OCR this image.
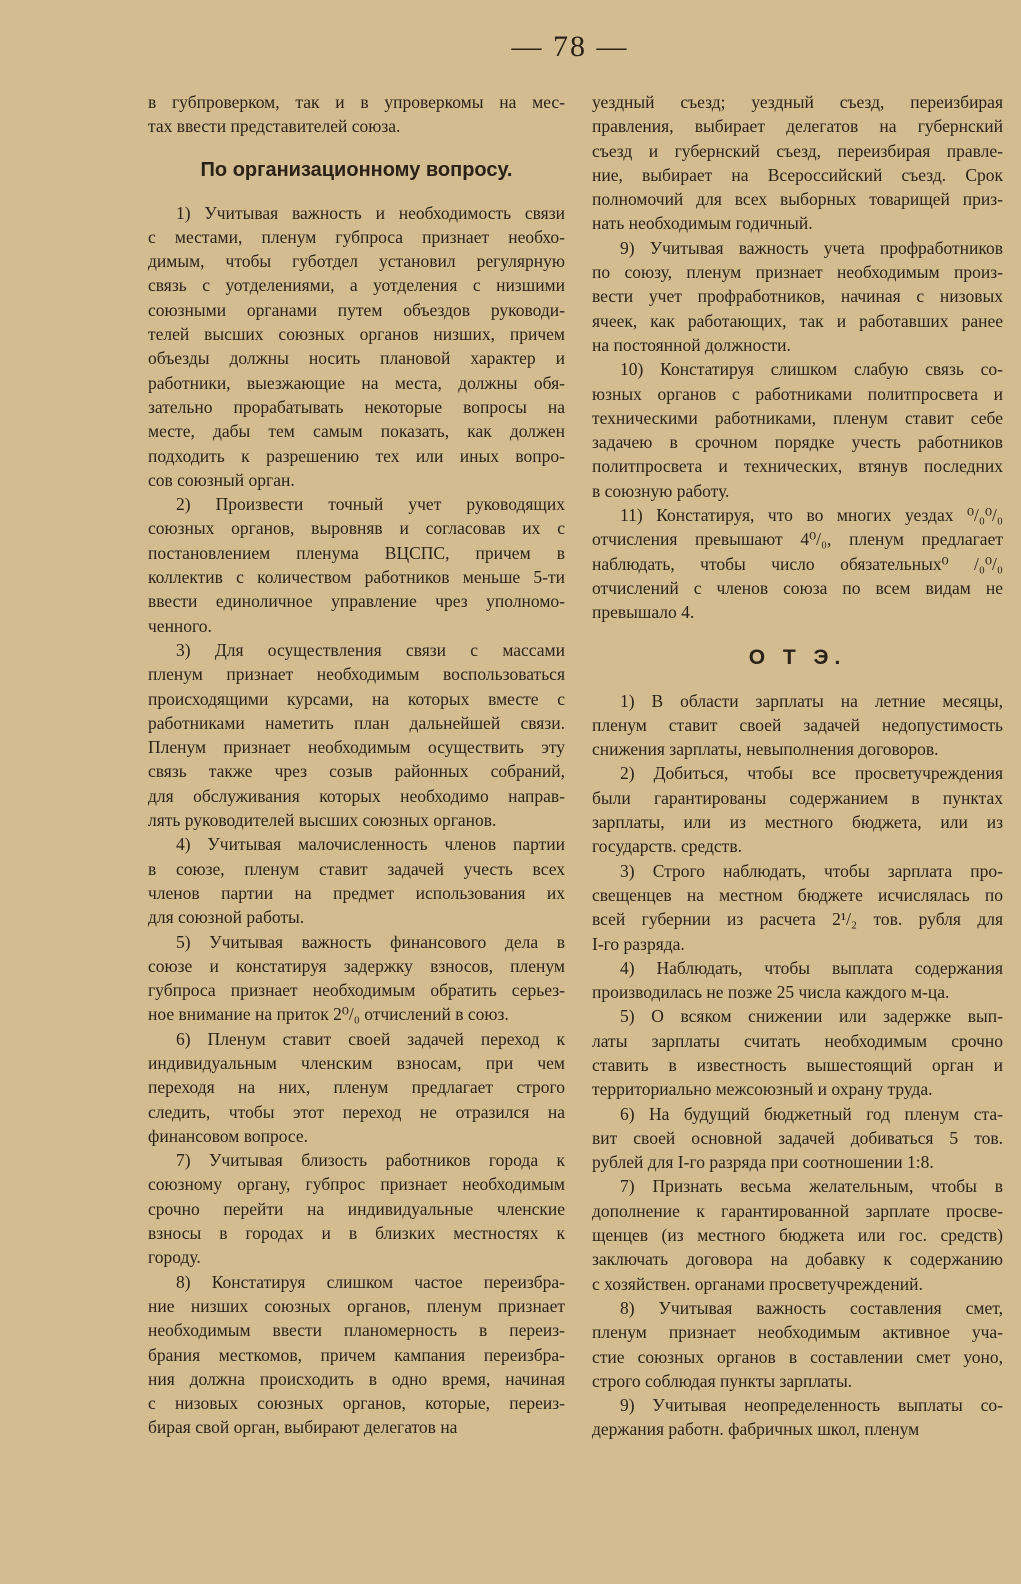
— 78 —
в губпроверком, так и в упроверкомы на мес-
тах ввести представителей союза.
По организационному вопросу.
1) Учитывая важность и необходимость связи
с местами, пленум губпроса признает необхо-
димым, чтобы губотдел установил регулярную
связь с уотделениями, а уотделения с низшими
союзными органами путем объездов руководи-
телей высших союзных органов низших, причем
объезды должны носить плановой характер и
работники, выезжающие на места, должны обя-
зательно прорабатывать некоторые вопросы на
месте, дабы тем самым показать, как должен
подходить к разрешению тех или иных вопро-
сов союзный орган.
2) Произвести точный учет руководящих
союзных органов, выровняв и согласовав их с
постановлением пленума ВЦСПС, причем в
коллектив с количеством работников меньше 5-ти
ввести единоличное управление чрез уполномо-
ченного.
3) Для осуществления связи с массами
пленум признает необходимым воспользоваться
происходящими курсами, на которых вместе с
работниками наметить план дальнейшей связи.
Пленум признает необходимым осуществить эту
связь также чрез созыв районных собраний,
для обслуживания которых необходимо направ-
лять руководителей высших союзных органов.
4) Учитывая малочисленность членов партии
в союзе, пленум ставит задачей учесть всех
членов партии на предмет использования их
для союзной работы.
5) Учитывая важность финансового дела в
союзе и констатируя задержку взносов, пленум
губпроса признает необходимым обратить серьез-
ное внимание на приток 2⁰/₀ отчислений в союз.
6) Пленум ставит своей задачей переход к
индивидуальным членским взносам, при чем
переходя на них, пленум предлагает строго
следить, чтобы этот переход не отразился на
финансовом вопросе.
7) Учитывая близость работников города к
союзному органу, губпрос признает необходимым
срочно перейти на индивидуальные членские
взносы в городах и в близких местностях к
городу.
8) Констатируя слишком частое переизбра-
ние низших союзных органов, пленум признает
необходимым ввести планомерность в переиз-
брания месткомов, причем кампания переизбра-
ния должна происходить в одно время, начиная
с низовых союзных органов, которые, переиз-
бирая свой орган, выбирают делегатов на
уездный съезд; уездный съезд, переизбирая
правления, выбирает делегатов на губернский
съезд и губернский съезд, переизбирая правле-
ние, выбирает на Всероссийский съезд. Срок
полномочий для всех выборных товарищей приз-
нать необходимым годичный.
9) Учитывая важность учета профработников
по союзу, пленум признает необходимым произ-
вести учет профработников, начиная с низовых
ячеек, как работающих, так и работавших ранее
на постоянной должности.
10) Констатируя слишком слабую связь со-
юзных органов с работниками политпросвета и
техническими работниками, пленум ставит себе
задачею в срочном порядке учесть работников
политпросвета и технических, втянув последних
в союзную работу.
11) Констатируя, что во многих уездах ⁰/₀⁰/₀
отчисления превышают 4⁰/₀, пленум предлагает
наблюдать, чтобы число обязательных⁰ /₀⁰/₀
отчислений с членов союза по всем видам не
превышало 4.
О Т Э.
1) В области зарплаты на летние месяцы,
пленум ставит своей задачей недопустимость
снижения зарплаты, невыполнения договоров.
2) Добиться, чтобы все просветучреждения
были гарантированы содержанием в пунктах
зарплаты, или из местного бюджета, или из
государств. средств.
3) Строго наблюдать, чтобы зарплата про-
свещенцев на местном бюджете исчислялась по
всей губернии из расчета 2¹/₂ тов. рубля для
I-го разряда.
4) Наблюдать, чтобы выплата содержания
производилась не позже 25 числа каждого м-ца.
5) О всяком снижении или задержке вып-
латы зарплаты считать необходимым срочно
ставить в известность вышестоящий орган и
территориально межсоюзный и охрану труда.
6) На будущий бюджетный год пленум ста-
вит своей основной задачей добиваться 5 тов.
рублей для I-го разряда при соотношении 1:8.
7) Признать весьма желательным, чтобы в
дополнение к гарантированной зарплате просве-
щенцев (из местного бюджета или гос. средств)
заключать договора на добавку к содержанию
с хозяйствен. органами просветучреждений.
8) Учитывая важность составления смет,
пленум признает необходимым активное уча-
стие союзных органов в составлении смет уоно,
строго соблюдая пункты зарплаты.
9) Учитывая неопределенность выплаты со-
держания работн. фабричных школ, пленум
